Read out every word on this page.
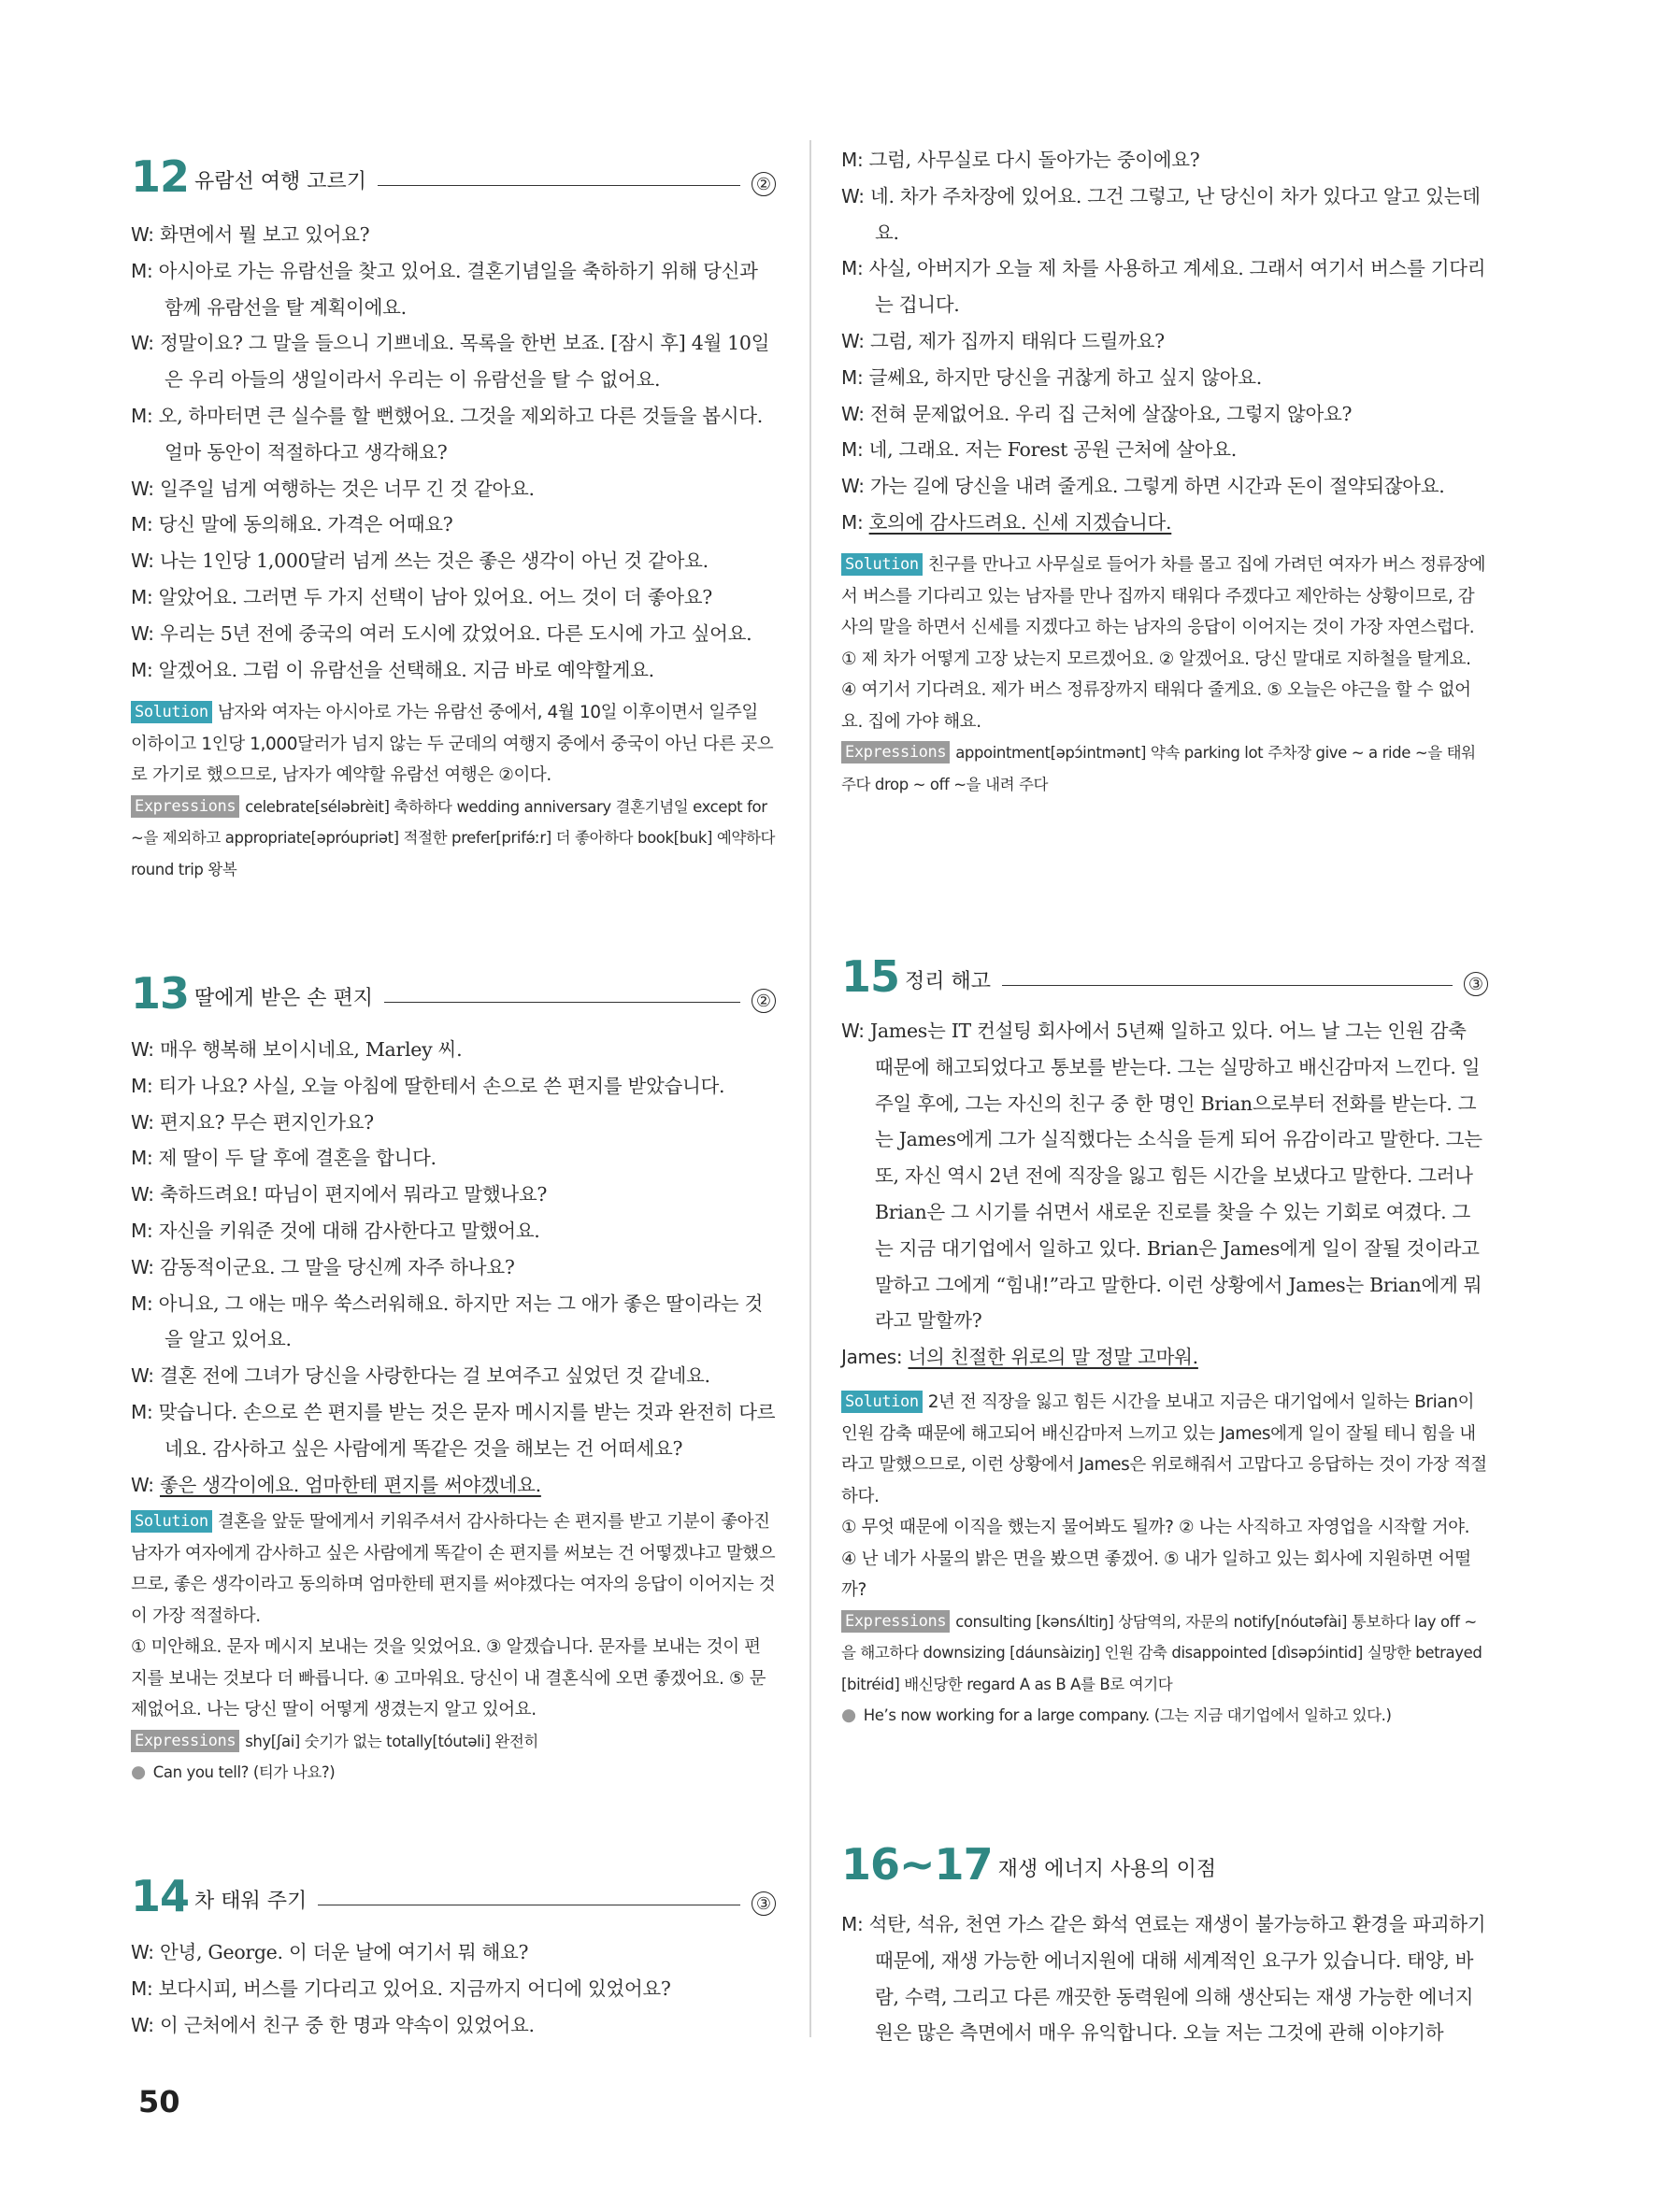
12 유람선 여행 고르기	②
W: 화면에서 뭘 보고 있어요?
M: 아시아로 가는 유람선을 찾고 있어요. 결혼기념일을 축하하기 위해 당신과 함께 유람선을 탈 계획이에요.
W: 정말이요? 그 말을 들으니 기쁘네요. 목록을 한번 보죠. [잠시 후] 4월 10일은 우리 아들의 생일이라서 우리는 이 유람선을 탈 수 없어요.
M: 오, 하마터면 큰 실수를 할 뻔했어요. 그것을 제외하고 다른 것들을 봅시다. 얼마 동안이 적절하다고 생각해요?
W: 일주일 넘게 여행하는 것은 너무 긴 것 같아요.
M: 당신 말에 동의해요. 가격은 어때요?
W: 나는 1인당 1,000달러 넘게 쓰는 것은 좋은 생각이 아닌 것 같아요.
M: 알았어요. 그러면 두 가지 선택이 남아 있어요. 어느 것이 더 좋아요?
W: 우리는 5년 전에 중국의 여러 도시에 갔었어요. 다른 도시에 가고 싶어요.
M: 알겠어요. 그럼 이 유람선을 선택해요. 지금 바로 예약할게요.

Solution 남자와 여자는 아시아로 가는 유람선 중에서, 4월 10일 이후이면서 일주일 이하이고 1인당 1,000달러가 넘지 않는 두 군데의 여행지 중에서 중국이 아닌 다른 곳으로 가기로 했으므로, 남자가 예약할 유람선 여행은 ②이다.

Expressions celebrate[séləbrèit] 축하하다 wedding anniversary 결혼기념일 except for ~을 제외하고 appropriate[əpróupriət] 적절한 prefer[prifə́ːr] 더 좋아하다 book[buk] 예약하다 round trip 왕복

13 딸에게 받은 손 편지	②
W: 매우 행복해 보이시네요, Marley 씨.
M: 티가 나요? 사실, 오늘 아침에 딸한테서 손으로 쓴 편지를 받았습니다.
W: 편지요? 무슨 편지인가요?
M: 제 딸이 두 달 후에 결혼을 합니다.
W: 축하드려요! 따님이 편지에서 뭐라고 말했나요?
M: 자신을 키워준 것에 대해 감사한다고 말했어요.
W: 감동적이군요. 그 말을 당신께 자주 하나요?
M: 아니요, 그 애는 매우 쑥스러워해요. 하지만 저는 그 애가 좋은 딸이라는 것을 알고 있어요.
W: 결혼 전에 그녀가 당신을 사랑한다는 걸 보여주고 싶었던 것 같네요.
M: 맞습니다. 손으로 쓴 편지를 받는 것은 문자 메시지를 받는 것과 완전히 다르네요. 감사하고 싶은 사람에게 똑같은 것을 해보는 건 어떠세요?
W: 좋은 생각이에요. 엄마한테 편지를 써야겠네요.

Solution 결혼을 앞둔 딸에게서 키워주셔서 감사하다는 손 편지를 받고 기분이 좋아진 남자가 여자에게 감사하고 싶은 사람에게 똑같이 손 편지를 써보는 건 어떻겠냐고 말했으므로, 좋은 생각이라고 동의하며 엄마한테 편지를 써야겠다는 여자의 응답이 이어지는 것이 가장 적절하다.

① 미안해요. 문자 메시지 보내는 것을 잊었어요. ③ 알겠습니다. 문자를 보내는 것이 편지를 보내는 것보다 더 빠릅니다. ④ 고마워요. 당신이 내 결혼식에 오면 좋겠어요. ⑤ 문제없어요. 나는 당신 딸이 어떻게 생겼는지 알고 있어요.

Expressions shy[ʃai] 숫기가 없는 totally[tóutəli] 완전히

● Can you tell? (티가 나요?)

14 차 태워 주기	③
W: 안녕, George. 이 더운 날에 여기서 뭐 해요?
M: 보다시피, 버스를 기다리고 있어요. 지금까지 어디에 있었어요?
W: 이 근처에서 친구 중 한 명과 약속이 있었어요.
M: 그럼, 사무실로 다시 돌아가는 중이에요?
W: 네. 차가 주차장에 있어요. 그건 그렇고, 난 당신이 차가 있다고 알고 있는데요.
M: 사실, 아버지가 오늘 제 차를 사용하고 계세요. 그래서 여기서 버스를 기다리는 겁니다.
W: 그럼, 제가 집까지 태워다 드릴까요?
M: 글쎄요, 하지만 당신을 귀찮게 하고 싶지 않아요.
W: 전혀 문제없어요. 우리 집 근처에 살잖아요, 그렇지 않아요?
M: 네, 그래요. 저는 Forest 공원 근처에 살아요.
W: 가는 길에 당신을 내려 줄게요. 그렇게 하면 시간과 돈이 절약되잖아요.
M: 호의에 감사드려요. 신세 지겠습니다.

Solution 친구를 만나고 사무실로 들어가 차를 몰고 집에 가려던 여자가 버스 정류장에서 버스를 기다리고 있는 남자를 만나 집까지 태워다 주겠다고 제안하는 상황이므로, 감사의 말을 하면서 신세를 지겠다고 하는 남자의 응답이 이어지는 것이 가장 자연스럽다.

① 제 차가 어떻게 고장 났는지 모르겠어요. ② 알겠어요. 당신 말대로 지하철을 탈게요. ④ 여기서 기다려요. 제가 버스 정류장까지 태워다 줄게요. ⑤ 오늘은 야근을 할 수 없어요. 집에 가야 해요.

Expressions appointment[əpɔ́intmənt] 약속 parking lot 주차장 give ~ a ride ~을 태워 주다 drop ~ off ~을 내려 주다

15 정리 해고	③
W: James는 IT 컨설팅 회사에서 5년째 일하고 있다. 어느 날 그는 인원 감축 때문에 해고되었다고 통보를 받는다. 그는 실망하고 배신감마저 느낀다. 일주일 후에, 그는 자신의 친구 중 한 명인 Brian으로부터 전화를 받는다. 그는 James에게 그가 실직했다는 소식을 듣게 되어 유감이라고 말한다. 그는 또, 자신 역시 2년 전에 직장을 잃고 힘든 시간을 보냈다고 말한다. 그러나 Brian은 그 시기를 쉬면서 새로운 진로를 찾을 수 있는 기회로 여겼다. 그는 지금 대기업에서 일하고 있다. Brian은 James에게 일이 잘될 것이라고 말하고 그에게 “힘내!”라고 말한다. 이런 상황에서 James는 Brian에게 뭐라고 말할까?
James: 너의 친절한 위로의 말 정말 고마워.

Solution 2년 전 직장을 잃고 힘든 시간을 보내고 지금은 대기업에서 일하는 Brian이 인원 감축 때문에 해고되어 배신감마저 느끼고 있는 James에게 일이 잘될 테니 힘을 내라고 말했으므로, 이런 상황에서 James은 위로해줘서 고맙다고 응답하는 것이 가장 적절하다.

① 무엇 때문에 이직을 했는지 물어봐도 될까? ② 나는 사직하고 자영업을 시작할 거야. ④ 난 네가 사물의 밝은 면을 봤으면 좋겠어. ⑤ 내가 일하고 있는 회사에 지원하면 어떨까?

Expressions consulting [kənsʌ́ltiŋ] 상담역의, 자문의 notify[nóutəfài] 통보하다 lay off ~을 해고하다 downsizing [dáunsàiziŋ] 인원 감축 disappointed [dìsəpɔ́intid] 실망한 betrayed [bitréid] 배신당한 regard A as B A를 B로 여기다

● He’s now working for a large company. (그는 지금 대기업에서 일하고 있다.)

16~17 재생 에너지 사용의 이점
M: 석탄, 석유, 천연 가스 같은 화석 연료는 재생이 불가능하고 환경을 파괴하기 때문에, 재생 가능한 에너지원에 대해 세계적인 요구가 있습니다. 태양, 바람, 수력, 그리고 다른 깨끗한 동력원에 의해 생산되는 재생 가능한 에너지원은 많은 측면에서 매우 유익합니다. 오늘 저는 그것에 관해 이야기하
50
